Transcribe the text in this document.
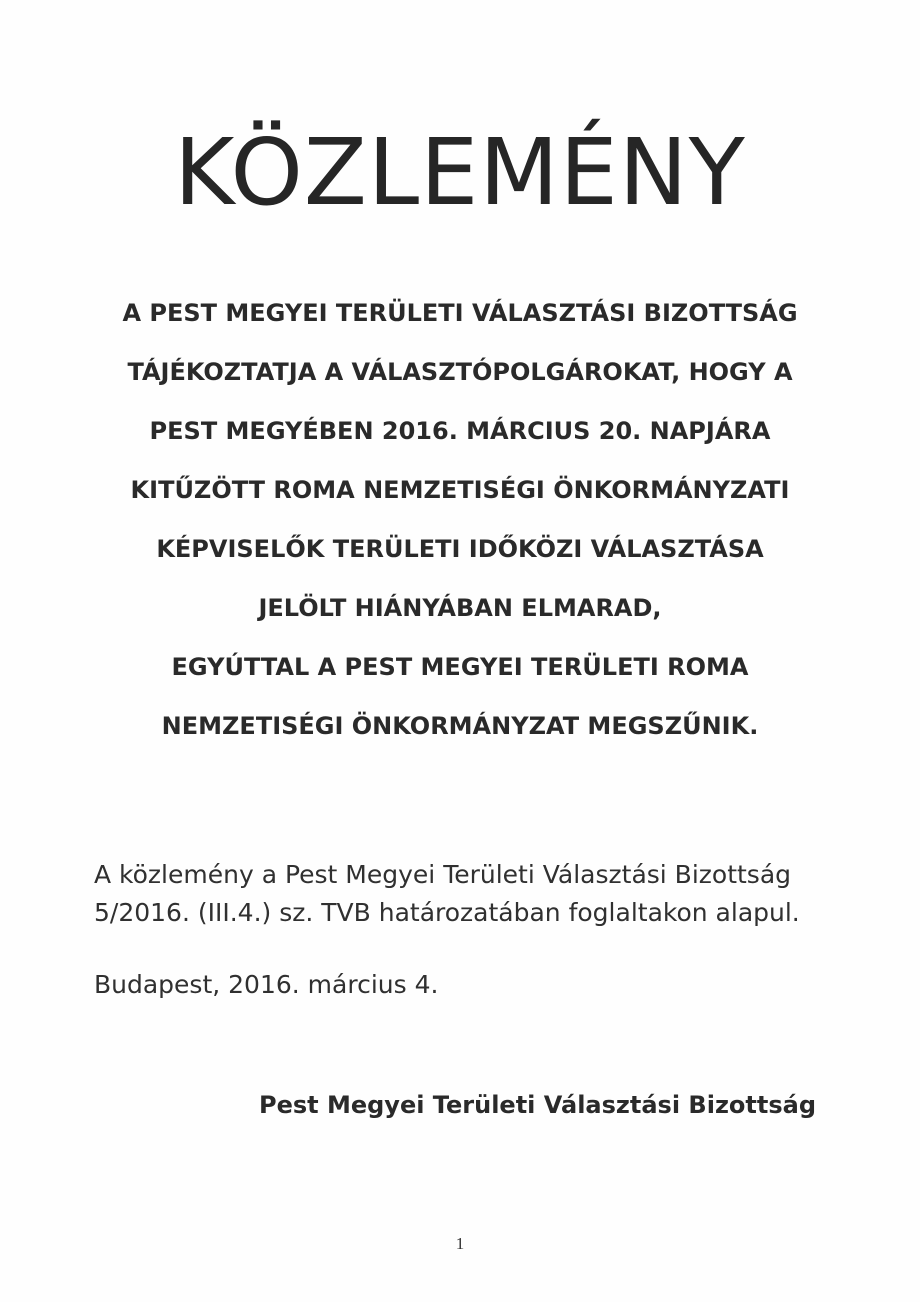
KÖZLEMÉNY
A PEST MEGYEI TERÜLETI VÁLASZTÁSI BIZOTTSÁG
TÁJÉKOZTATJA A VÁLASZTÓPOLGÁROKAT, HOGY A
PEST MEGYÉBEN 2016. MÁRCIUS 20. NAPJÁRA
KITŰZÖTT ROMA NEMZETISÉGI ÖNKORMÁNYZATI
KÉPVISELŐK TERÜLETI IDŐKÖZI VÁLASZTÁSA
JELÖLT HIÁNYÁBAN ELMARAD,
EGYÚTTAL A PEST MEGYEI TERÜLETI ROMA
NEMZETISÉGI ÖNKORMÁNYZAT MEGSZŰNIK.

A közlemény a Pest Megyei Területi Választási Bizottság
5/2016. (III.4.) sz. TVB határozatában foglaltakon alapul.

Budapest, 2016. március 4.

Pest Megyei Területi Választási Bizottság

1
